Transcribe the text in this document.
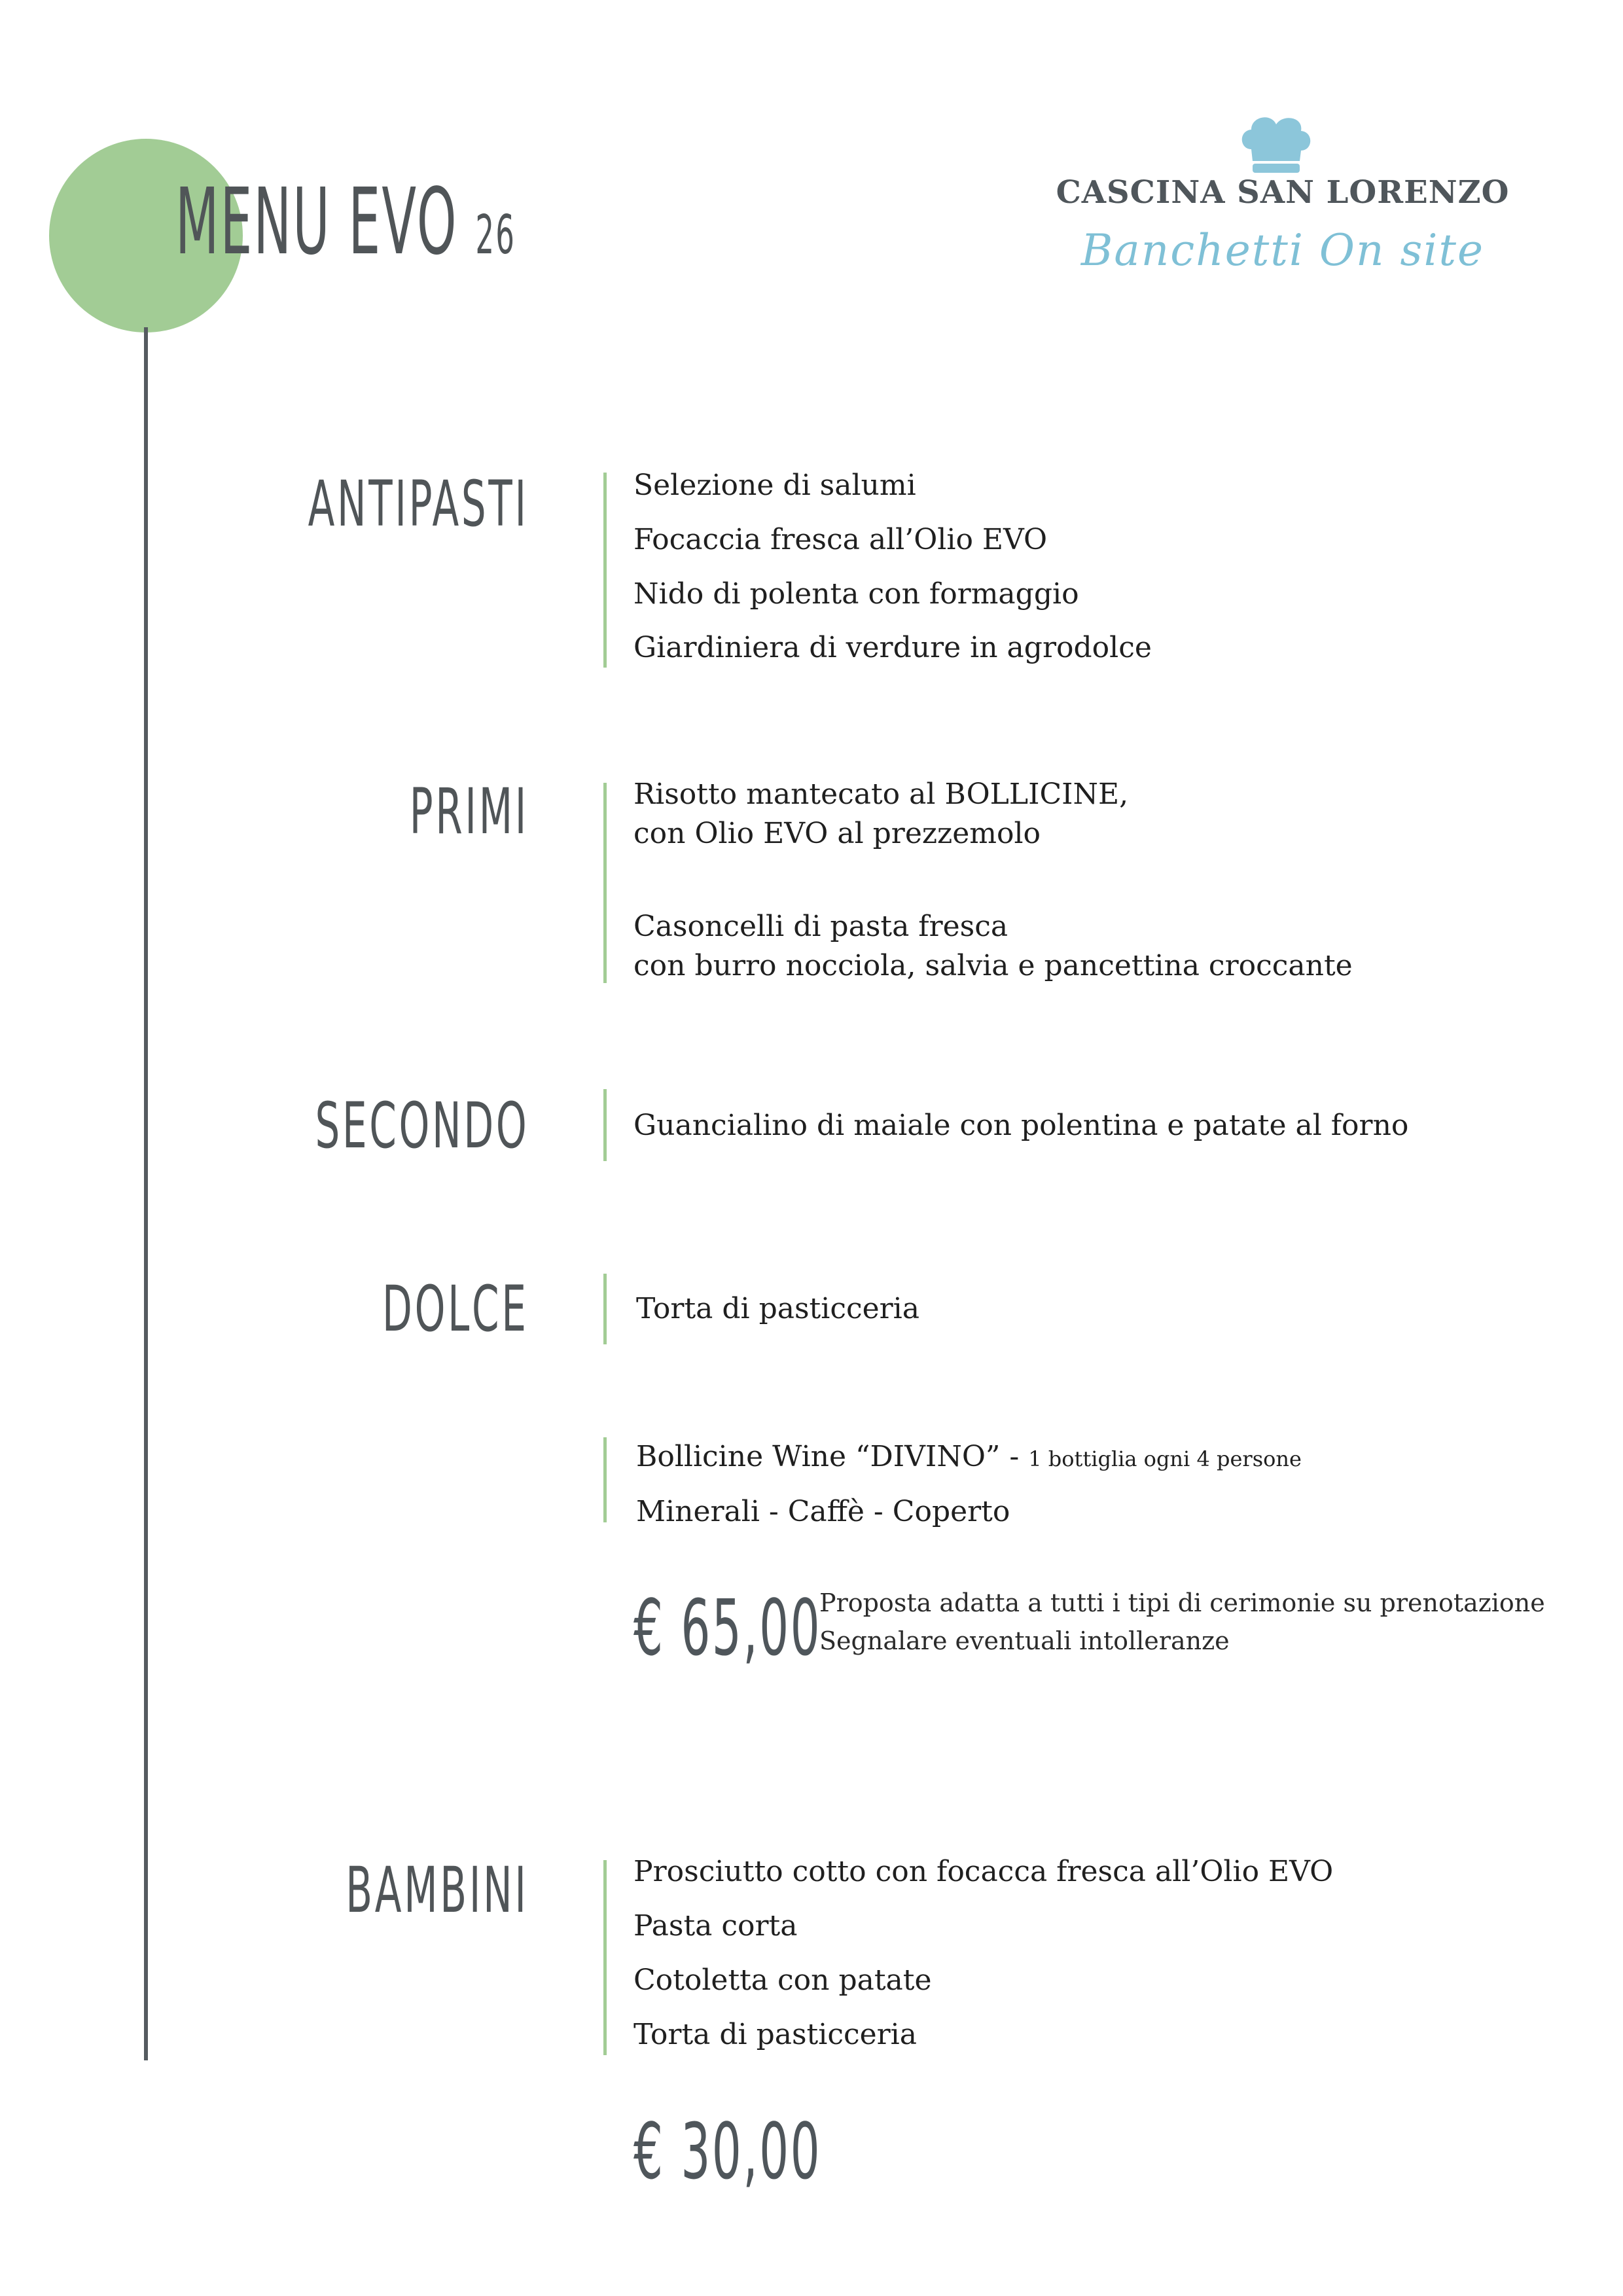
MENU EVO 26
CASCINA SAN LORENZO
Banchetti On site
ANTIPASTI	Selezione di salumi
Focaccia fresca all’Olio EVO
Nido di polenta con formaggio
Giardiniera di verdure in agrodolce
PRIMI	Risotto mantecato al BOLLICINE,
con Olio EVO al prezzemolo
Casoncelli di pasta fresca
con burro nocciola, salvia e pancettina croccante
SECONDO	Guancialino di maiale con polentina e patate al forno
DOLCE	Torta di pasticceria
Bollicine Wine “DIVINO” - 1 bottiglia ogni 4 persone
Minerali - Caffè - Coperto
€ 65,00
Proposta adatta a tutti i tipi di cerimonie su prenotazione
Segnalare eventuali intolleranze
BAMBINI	Prosciutto cotto con focacca fresca all’Olio EVO
Pasta corta
Cotoletta con patate
Torta di pasticceria
€ 30,00
